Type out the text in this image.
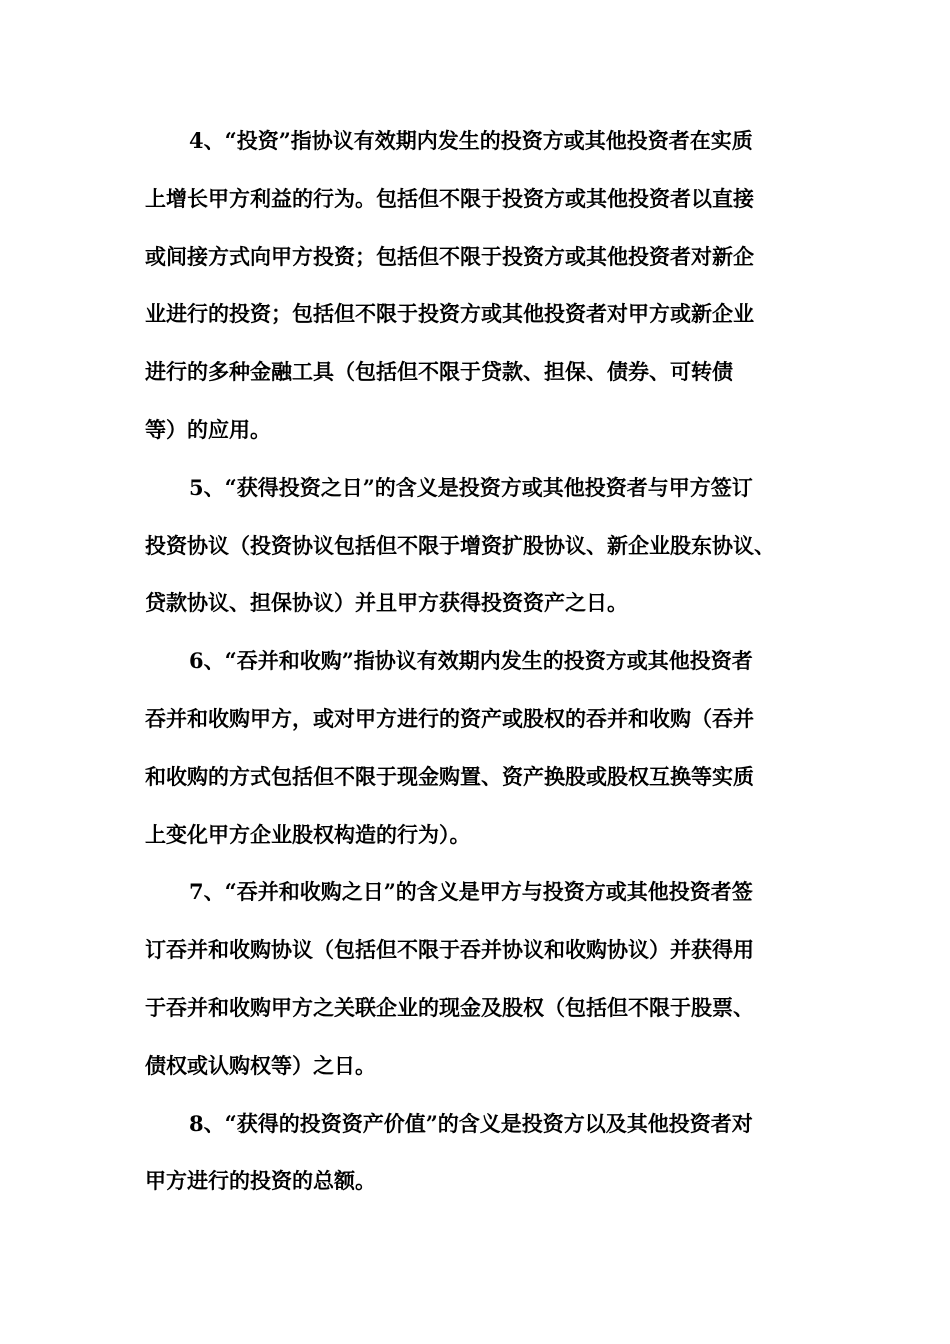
4、“投资”指协议有效期内发生的投资方或其他投资者在实质
上增长甲方利益的行为。包括但不限于投资方或其他投资者以直接
或间接方式向甲方投资；包括但不限于投资方或其他投资者对新企
业进行的投资；包括但不限于投资方或其他投资者对甲方或新企业
进行的多种金融工具（包括但不限于贷款、担保、债券、可转债
等）的应用。
5、“获得投资之日”的含义是投资方或其他投资者与甲方签订
投资协议（投资协议包括但不限于增资扩股协议、新企业股东协议、
贷款协议、担保协议）并且甲方获得投资资产之日。
6、“吞并和收购”指协议有效期内发生的投资方或其他投资者
吞并和收购甲方，或对甲方进行的资产或股权的吞并和收购（吞并
和收购的方式包括但不限于现金购置、资产换股或股权互换等实质
上变化甲方企业股权构造的行为）。
7、“吞并和收购之日”的含义是甲方与投资方或其他投资者签
订吞并和收购协议（包括但不限于吞并协议和收购协议）并获得用
于吞并和收购甲方之关联企业的现金及股权（包括但不限于股票、
债权或认购权等）之日。
8、“获得的投资资产价值”的含义是投资方以及其他投资者对
甲方进行的投资的总额。
